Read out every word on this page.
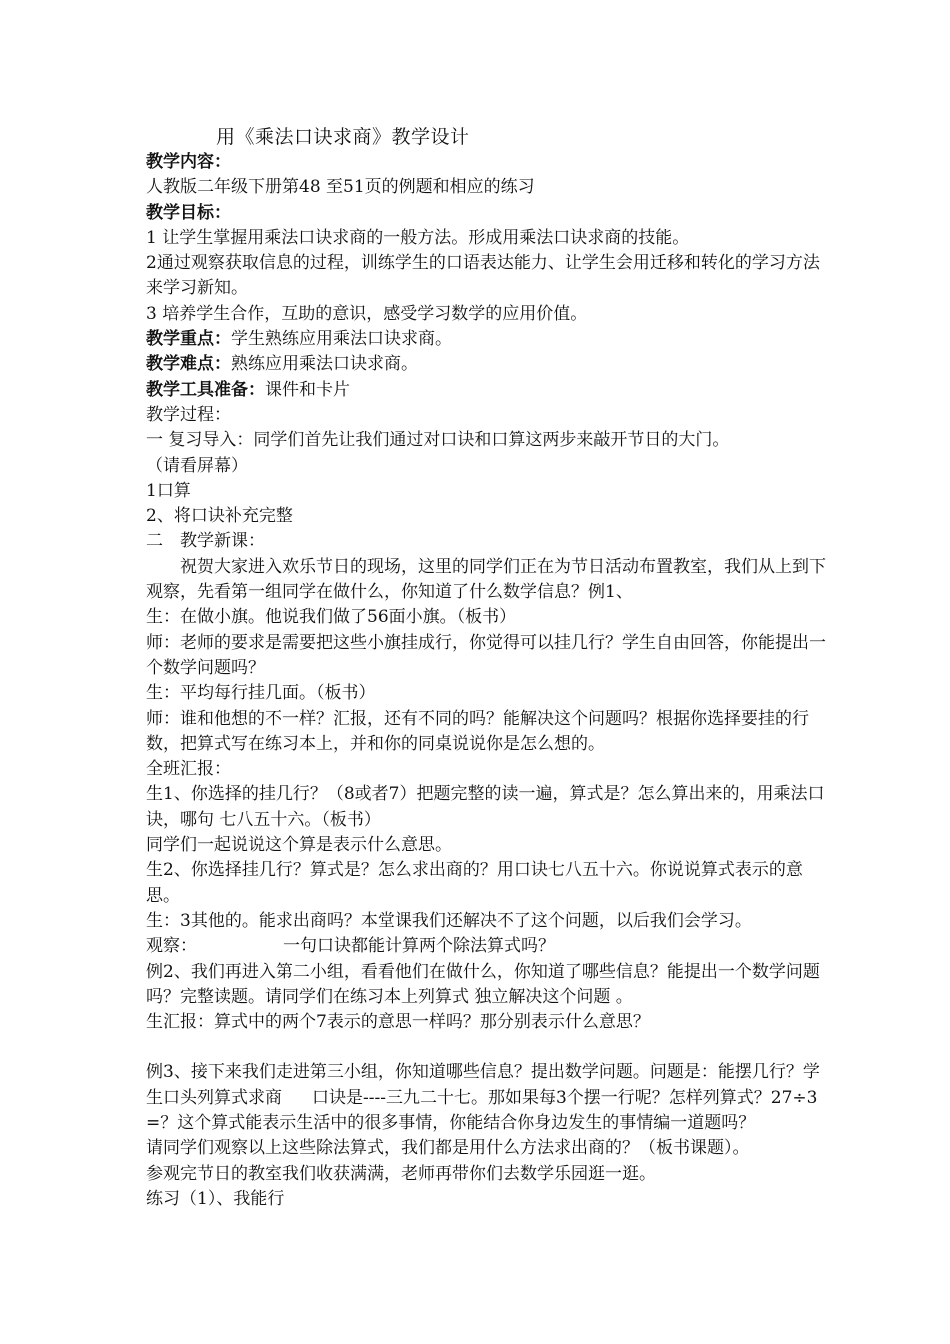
用《乘法口诀求商》教学设计
教学内容：
人教版二年级下册第48 至51页的例题和相应的练习
教学目标：
1 让学生掌握用乘法口诀求商的一般方法。形成用乘法口诀求商的技能。
2通过观察获取信息的过程，训练学生的口语表达能力、让学生会用迁移和转化的学习方法来学习新知。
3 培养学生合作，互助的意识，感受学习数学的应用价值。
教学重点：学生熟练应用乘法口诀求商。
教学难点：熟练应用乘法口诀求商。
教学工具准备：课件和卡片
教学过程：
一 复习导入：同学们首先让我们通过对口诀和口算这两步来敲开节日的大门。
（请看屏幕）
1口算
2、将口诀补充完整
二　教学新课：
祝贺大家进入欢乐节日的现场，这里的同学们正在为节日活动布置教室，我们从上到下观察，先看第一组同学在做什么，你知道了什么数学信息？例1、
生：在做小旗。他说我们做了56面小旗。（板书）
师：老师的要求是需要把这些小旗挂成行，你觉得可以挂几行？学生自由回答，你能提出一个数学问题吗？
生：平均每行挂几面。（板书）
师：谁和他想的不一样？汇报，还有不同的吗？能解决这个问题吗？根据你选择要挂的行数，把算式写在练习本上，并和你的同桌说说你是怎么想的。
全班汇报：
生1、你选择的挂几行？（8或者7）把题完整的读一遍，算式是？怎么算出来的，用乘法口诀，哪句 七八五十六。（板书）
同学们一起说说这个算是表示什么意思。
生2、你选择挂几行？算式是？怎么求出商的？用口诀七八五十六。你说说算式表示的意思。
生：3其他的。能求出商吗？本堂课我们还解决不了这个问题，以后我们会学习。
观察：	一句口诀都能计算两个除法算式吗？
例2、我们再进入第二小组，看看他们在做什么，你知道了哪些信息？能提出一个数学问题吗？完整读题。请同学们在练习本上列算式 独立解决这个问题 。
生汇报：算式中的两个7表示的意思一样吗？那分别表示什么意思？
例3、接下来我们走进第三小组，你知道哪些信息？提出数学问题。问题是：能摆几行？学生口头列算式求商 口诀是----三九二十七。那如果每3个摆一行呢？怎样列算式？27÷3=？这个算式能表示生活中的很多事情，你能结合你身边发生的事情编一道题吗？
请同学们观察以上这些除法算式，我们都是用什么方法求出商的？（板书课题）。
参观完节日的教室我们收获满满，老师再带你们去数学乐园逛一逛。
练习（1）、我能行
